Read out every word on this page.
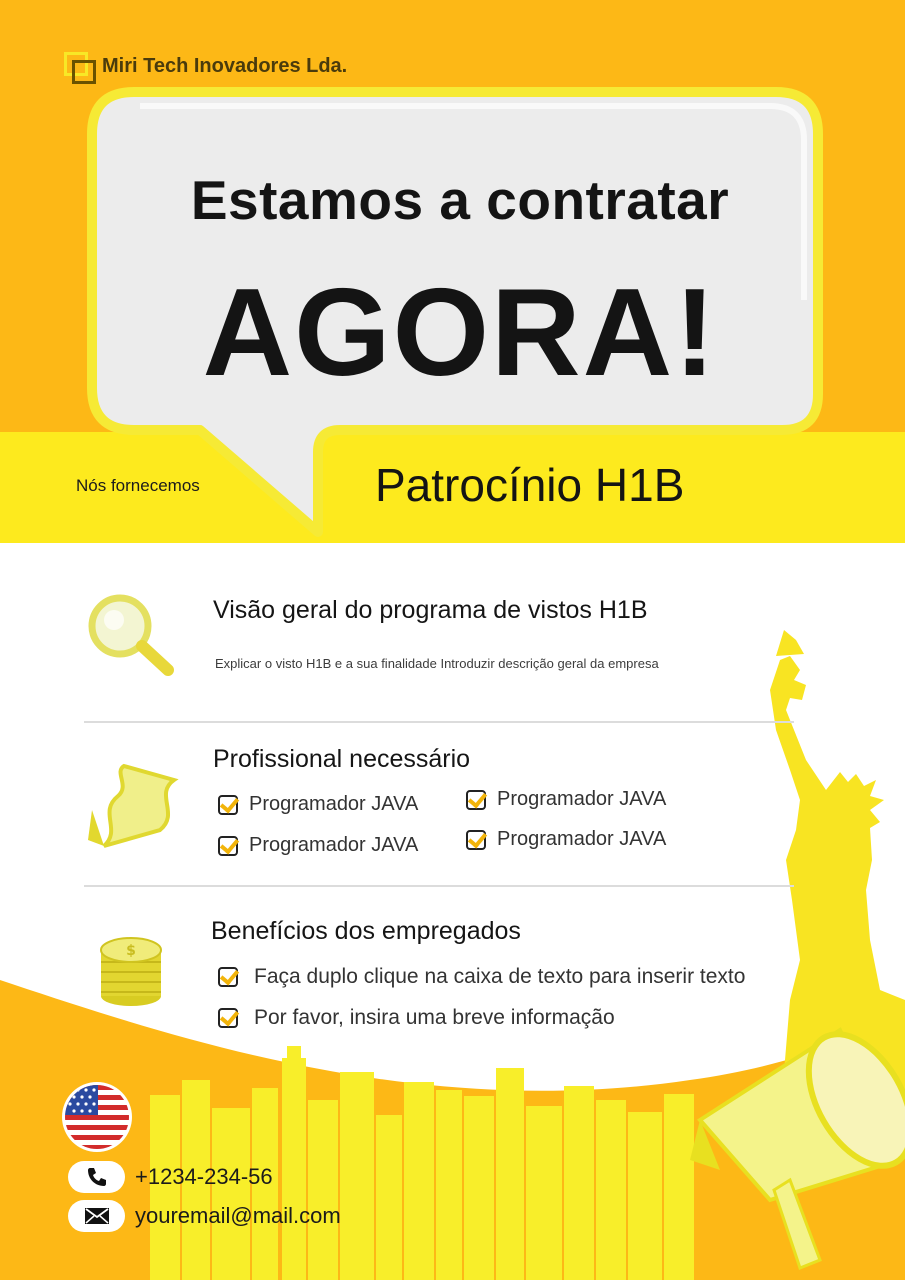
Miri Tech Inovadores Lda.
Estamos a contratar
AGORA!
Nós fornecemos	Patrocínio H1B
Visão geral do programa de vistos H1B
Explicar o visto H1B e a sua finalidade Introduzir descrição geral da empresa
Profissional necessário
Programador JAVA	Programador JAVA
Programador JAVA	Programador JAVA
$
Benefícios dos empregados
Faça duplo clique na caixa de texto para inserir texto
Por favor, insira uma breve informação
+1234-234-56
youremail@mail.com
